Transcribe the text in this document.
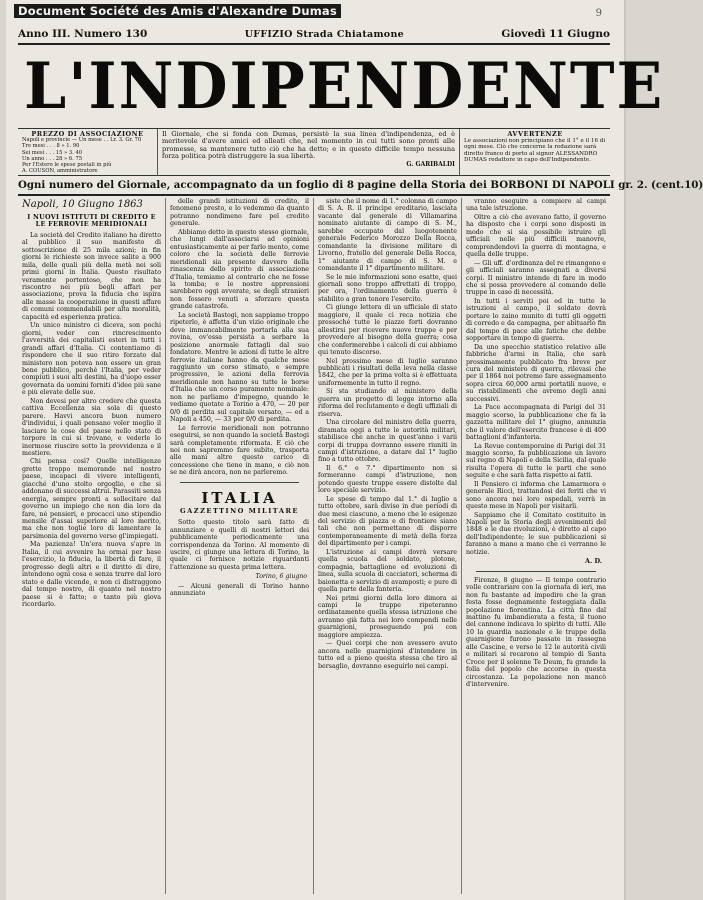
Document Société des Amis d'Alexandre Dumas	9
Anno III. Numero 130	UFFIZIO Strada Chiatamone	Giovedì 11 Giugno
L'INDIPENDENTE
PREZZO DI ASSOCIAZIONE
Napoli e provincie — Un mese . . Lr. 3. Gr. 70
Tre mesi . . . 8 » 1. 90
Sei mesi . . . 15 » 3. 40
Un anno . . . 28 » 6. 75
Per l'Estero le spese postali in più
A. COUSON, amministratore
Il Giornale, che si fonda con Dumas, persistè la sua linea d'indipendenza, ed è meritevole d'avere amici ed alleati che, nel momento in cui tutti sono pronti alle promesse, sa mantenere tutto ciò che ha detto; e in questo difficile tempo nessuna forza politica potrà distruggere la sua libertà.
G. GARIBALDI
AVVERTENZE
Le associazioni non principiano che il 1° e il 16 di ogni mese. Ciò che concerne la redazione sarà diretto franco di porto al signor ALESSANDRO DUMAS redattore in capo dell'Indipendente.
Ogni numero del Giornale, accompagnato da un foglio di 8 pagine della Storia dei BORBONI DI NAPOLI gr. 2. (cent.10)
Napoli, 10 Giugno 1863
I NUOVI ISTITUTI DI CREDITO E LE FERROVIE MERIDIONALI

La società del Credito italiano ha diretto al pubblico il suo manifesto di sottoscrizione di 25 mila azioni; in fin giorni le richieste son invece salite a 900 mila, delle quali più della metà nei soli primi giorni in Italia. Questo risultato veramente portentoso, che non ha riscontro nei più begli affari per associazione, prova la fiducia che ispira alle masse la cooperazione in questi affare di comuni commendabili per alta moralità, capacità ed esperienza pratica.

Un unico ministro ci diceva, son pochi giorni, veder con rincrescimento l'avversità dei capitalisti esteri in tutti i grandi affari d'Italia. Ci contentiamo di rispondere che il suo ritiro forzato dal ministero non poteva non essere un gran bene pubblico, perchè l'Italia, per veder compiuti i suoi alti destini, ha d'uopo esser governata da uomini forniti d'idee più sane e più elevate delle sue.

Non devesi per altro credere che questa cattiva Eccellenza sia sola di questo parere. Havvi ancora buon numero d'individui, i quali pensano voler meglio il lasciare le cose del paese nello stato di torpore in cui si trovano, e vederle lo inermose riuscire sotto la provvidenza e il mestiere.

Chi pensa così? Quelle intelligenze grette troppo memorande nel nostro paese, incapaci di vivere intelligenti, giacché d'uno stolto orgoglio, e che si addonano di successi altrui. Parassiti senza energia, sempre pronti a sollecitare dal governo un impiego che non dia loro da fare, né pensieri, e procacci uno stipendio mensile d'assai superiore al loro merito, ma che non toglie loro di lamentare la parsimonia del governo verso gl'impiegati.

Ma pazienza! Un'era nuova s'apre in Italia, il cui avvenire ha ormai per base l'esercizio, la fiducia, la libertà di fare, il progresso degli altri e il diritto di dire, intendono ogni cosa e senza trarre dal loro stato e dalle vicende, e non ci distraggono dal tempo nostro, di quanto nel nostro paese si è fatto; e tanto più giova ricordarlo.

delle grandi istituzioni di credito, il fenomeno presto, e lo vedemmo da quanto potranno nondimeno fare pel credito generale.

Abbiamo detto in questo stesso giornale, che lungi dall'associarsi ad opinioni entusiasticamente ai per farlo mento, come coloro che la società delle ferrovie meridionali sia presente davvero della rinascenza dello spirito di associazione d'Italia, temiamo al contrario che ne fosse la tomba; e le nostre apprensioni sarebbero oggi avverate, se degli stranieri non fossero venuti a sforzare questa grande catastrofe.

La società Bastogi, non sappiamo troppo ripeterlo, è affetta d'un vizio originale che deve immancabilmente portarla alla sua rovina, ov'essa persista a serbare la posizione anormale fattagli dal suo fondatore. Mentre le azioni di tutte le altre ferrovie italiane hanno da qualche mese raggiunto un corso stimato, e sempre progressivo, le azioni della ferrovia meridionale non hanno su tutte le borse d'Italia che un corso puramente nominale: non ne parliamo d'impegno, quando le vediamo quotate a Torino a 470, — 20 per 0/0 di perdita sul capitale versato, — ed a Napoli a 450, — 33 per 0/0 di perdita.

Le ferrovie meridionali non potranno eseguirsi, se non quando la società Bastogi sarà completamente riformata. E ciò che noi non sapremmo fare subito, trasporta alle mani altre questo carico di concessione che tiene in mano, e ciò non se ne dirà ancora, non ne parleremo.

ITALIA
GAZZETTINO MILITARE

Sotto questo titolo sarà fatto di annunziare e quelli di nostri lettori dei pubblicamente periodicamente una corrispondenza da Torino. Al momento di uscire, ci giunge una lettera di Torino, la quale ci fornisce notizie riguardanti l'attenzione su questa prima lettera.

Torino, 6 giugno

— Alcuni generali di Torino hanno annunziato

siste che il nome di 1.° colonna di campo di S. A. R. il principe ereditario, lasciata vacante dal generale di Villamarina nominato aiutante di campo di S. M., sarebbe occupato dal luogotenente generale Federico Morozzo Della Rocca, comandante la divisione militare di Livorno, fratello del generale Della Rocca, 1° aiutante di campo di S. M. e comandante il 1° dipartimento militare.

Se le mie informazioni sono esatte, quei giornali sono troppo affrettati di troppo, per ora, l'ordinamento della guerra è stabilito a gran tenore l'esercito.

Ci giunge lettera di un ufficiale di stato maggiore, il quale ci reca notizia che pressoché tutte le piazze forti dovranno allestirsi per ricevere nuove truppe e per provvedere al bisogno della guerra; cosa che confermerebbe i calcoli di cui abbiamo qui tenuto discorso.

Nel prossimo mese di luglio saranno pubblicati i risultati della leva nella classe 1842, che per la prima volta si è effettuata uniformemente in tutto il regno.

Si sta studiando al ministero della guerra un progetto di legge intorno alla riforma del reclutamento e degli uffiziali di riserva.

Una circolare del ministro della guerra, diramata oggi a tutte le autorità militari, stabilisce che anche in quest'anno i varii corpi di truppa dovranno essere riuniti in campi d'istruzione, a datare dal 1° luglio fino a tutto ottobre.

Il 6.° e 7.° dipartimento non si formeranno campi d'istruzione, non potendo queste truppe essere distolte dal loro speciale servizio.

Le spese di tempo dal 1.° di luglio a tutto ottobre, sarà diviso in due periodi di due mesi ciascuno, a meno che le esigenze del servizio di piazza e di frontiere siano tali che non permettano di disporre contemporaneamente di metà della forza del dipartimento per i campi.

L'istruzione ai campi dovrà versare quella scuola del soldato, plotone, compagnia, battaglione ed evoluzioni di linea, sulla scuola di cacciatori, scherma di baionetta e servizio di avamposti; e pure di quella parte della fanteria.

Nei primi giorni della loro dimora ai campi le truppe ripeteranno ordinatamente quella stessa istruzione che avranno già fatta nei loro compendi nelle guarnigioni, proseguendo poi con maggiore ampiezza.

— Quei corpi che non avessero avuto ancora nelle guarnigioni d'intendere in tutto ed a pieno questa stessa che tiro al bersaglio, dovranno eseguirlo nei campi.

vranno eseguire a compiere al campi una tale istruzione.

Oltre a ciò che avevano fatto, il governo ha disposto che i corpi sono disposti in modo che si sia possibile istruire gli ufficiali nelle più difficili manovre, comprendendovi la guerra di montagna, e quella delle truppe.

— Gli uff. d'ordinanza del re rimangono e gli ufficiali saranno assegnati a diversi corpi. Il ministro intende di fare in modo che si possa provvedere al comando delle truppe in caso di necessità.

In tutti i serviti poi ed in tutte le istruzioni al campo, il soldato dovrà portare lo zaino munito di tutti gli oggetti di corredo e da campagna, per abituarlo fin dal tempo di pace alle fatiche che debbe sopportare in tempo di guerra.

Da uno specchio statistico relativo alle fabbriche d'armi in Italia, che sarà prossimamente pubblicato fra breve per cura del ministero di guerra, rilevasi che per il 1864 noi potremo fare assegnamento sopra circa 60,000 armi portatili nuove, e su ristabilimenti che avremo degli anni successivi.

La Pace accompagnata di Parigi del 31 maggio scorso, la pubblicazione che fa la gazzetta militare del 1° giugno, annunzia che il valore dell'esercito francese è di 400 battaglioni d'infanteria.

La Revue contemporaine di Parigi del 31 maggio scorso, fa pubblicazione un lavoro sul regno di Napoli e della Sicilia, dal quale risulta l'opera di tutte le parti che sono seguite e che sarà fatta rispetto ai fatti.

Il Pensiero ci informa che Lamarmora e generale Ricci, trattandosi dei feriti che vi sono ancora nei loro ospedali, verrà in questo mese in Napoli per visitarli.

Sappiamo che il Comitato costituito in Napoli per la Storia degli avvenimenti del 1848 e le due rivoluzioni, è diretto al capo dell'Indipendente; le sue pubblicazioni si faranno a mano a mano che ci verranno le notizie.

A. D.

Firenze, 8 giugno — Il tempo contrario volle contrariare con la giornata di ieri, ma non fu bastante ad impedire che la gran festa fosse degnamente festeggiata dalla popolazione fiorentina. La città fino dal mattino fu imbandierata a festa, il tuono del cannone indicava lo spirito di tutti. Alle 10 la guardia nazionale e le truppe della guarnigione furono passate in rassegna alle Cascine, e verso le 12 le autorità civili e militari si recarono al tempio di Santa Croce per il solenne Te Deum, fu grande la folla del popolo che accorse in questa circostanza. La popolazione non mancò d'intervenire.
